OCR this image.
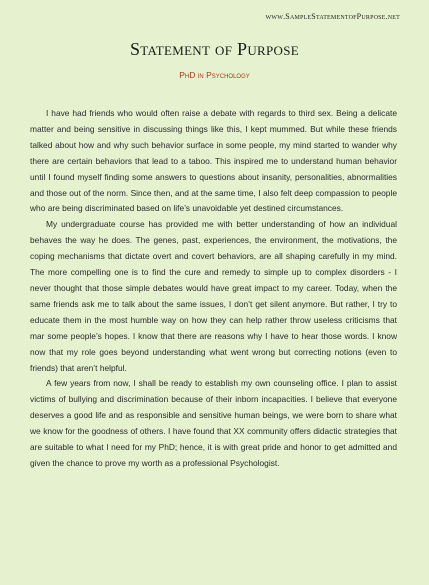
www.SampleStatementofPurpose.net
Statement of Purpose
PhD in Psychology

I have had friends who would often raise a debate with regards to third sex. Being a delicate matter and being sensitive in discussing things like this, I kept mummed. But while these friends talked about how and why such behavior surface in some people, my mind started to wander why there are certain behaviors that lead to a taboo. This inspired me to understand human behavior until I found myself finding some answers to questions about insanity, personalities, abnormalities and those out of the norm. Since then, and at the same time, I also felt deep compassion to people who are being discriminated based on life’s unavoidable yet destined circumstances.

My undergraduate course has provided me with better understanding of how an individual behaves the way he does. The genes, past, experiences, the environment, the motivations, the coping mechanisms that dictate overt and covert behaviors, are all shaping carefully in my mind. The more compelling one is to find the cure and remedy to simple up to complex disorders - I never thought that those simple debates would have great impact to my career. Today, when the same friends ask me to talk about the same issues, I don’t get silent anymore. But rather, I try to educate them in the most humble way on how they can help rather throw useless criticisms that mar some people’s hopes. I know that there are reasons why I have to hear those words. I know now that my role goes beyond understanding what went wrong but correcting notions (even to friends) that aren’t helpful.

A few years from now, I shall be ready to establish my own counseling office. I plan to assist victims of bullying and discrimination because of their inborn incapacities. I believe that everyone deserves a good life and as responsible and sensitive human beings, we were born to share what we know for the goodness of others. I have found that XX community offers didactic strategies that are suitable to what I need for my PhD; hence, it is with great pride and honor to get admitted and given the chance to prove my worth as a professional Psychologist.
